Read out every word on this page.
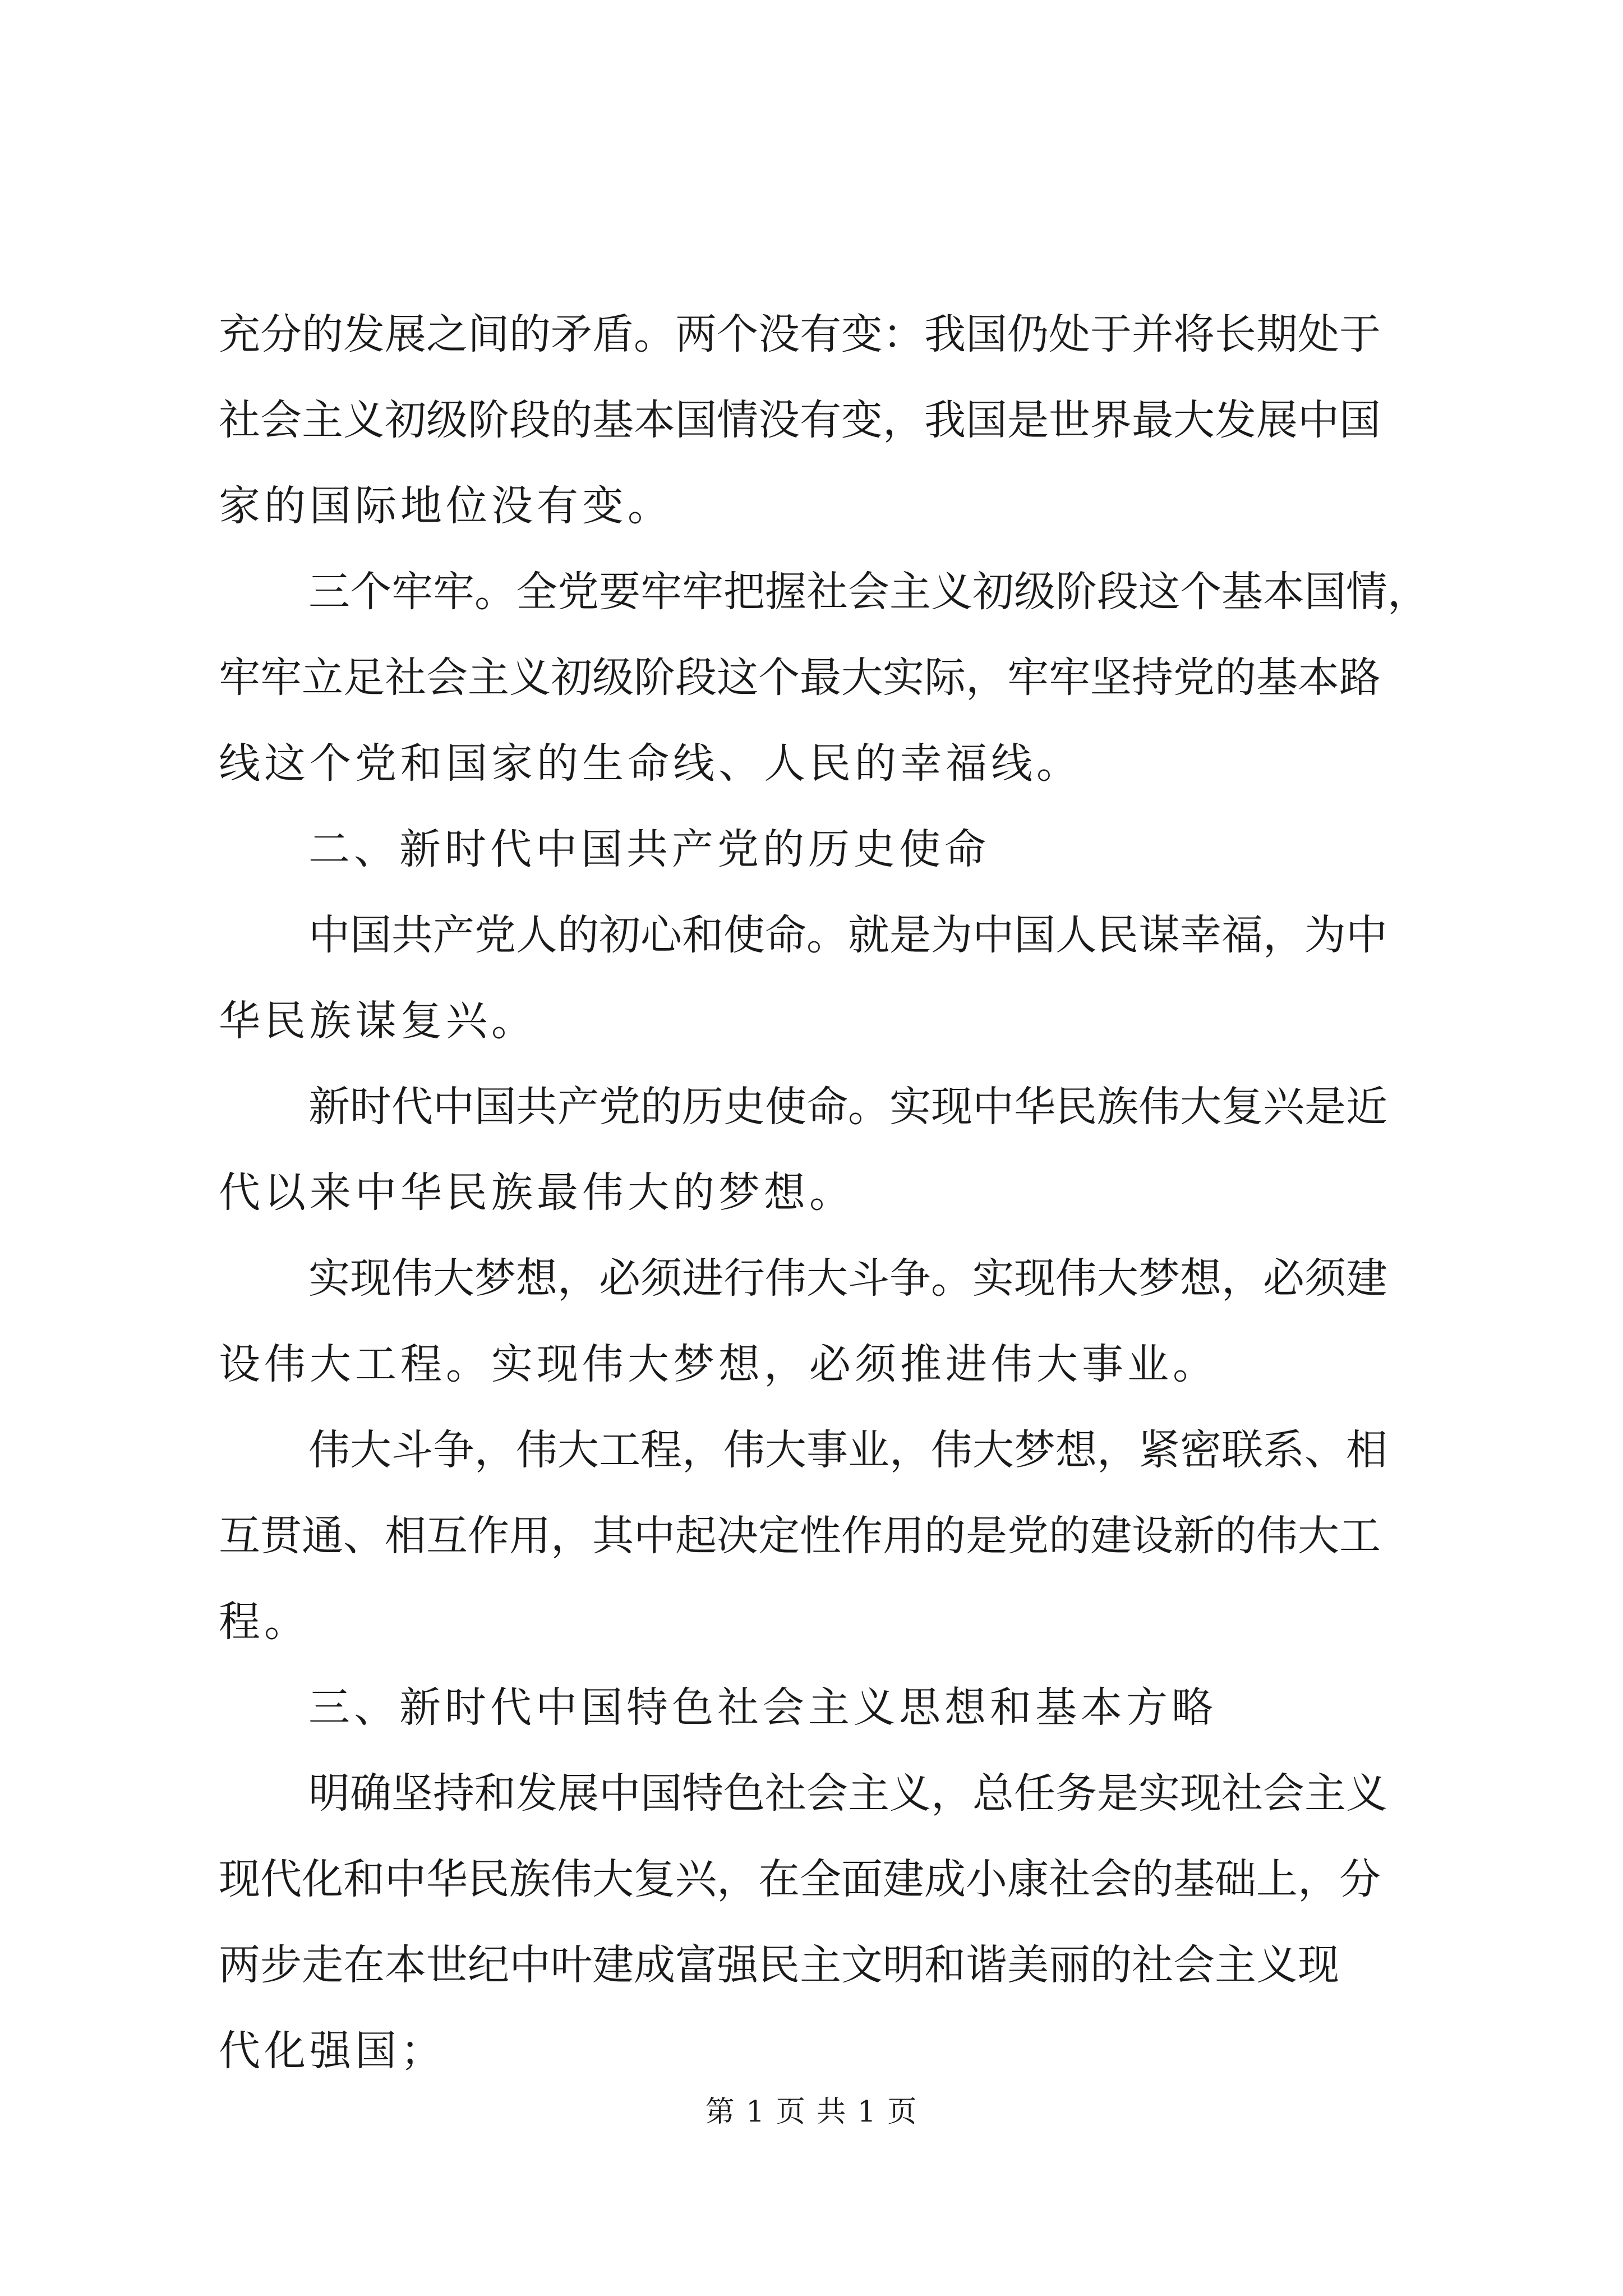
充分的发展之间的矛盾。两个没有变：我国仍处于并将长期处于
社会主义初级阶段的基本国情没有变，我国是世界最大发展中国
家的国际地位没有变。
三个牢牢。全党要牢牢把握社会主义初级阶段这个基本国情，
牢牢立足社会主义初级阶段这个最大实际，牢牢坚持党的基本路
线这个党和国家的生命线、人民的幸福线。
二、新时代中国共产党的历史使命
中国共产党人的初心和使命。就是为中国人民谋幸福，为中
华民族谋复兴。
新时代中国共产党的历史使命。实现中华民族伟大复兴是近
代以来中华民族最伟大的梦想。
实现伟大梦想，必须进行伟大斗争。实现伟大梦想，必须建
设伟大工程。实现伟大梦想，必须推进伟大事业。
伟大斗争，伟大工程，伟大事业，伟大梦想，紧密联系、相
互贯通、相互作用，其中起决定性作用的是党的建设新的伟大工
程。
三、新时代中国特色社会主义思想和基本方略
明确坚持和发展中国特色社会主义，总任务是实现社会主义
现代化和中华民族伟大复兴，在全面建成小康社会的基础上，分
两步走在本世纪中叶建成富强民主文明和谐美丽的社会主义现
代化强国；
第 1 页 共 1 页
